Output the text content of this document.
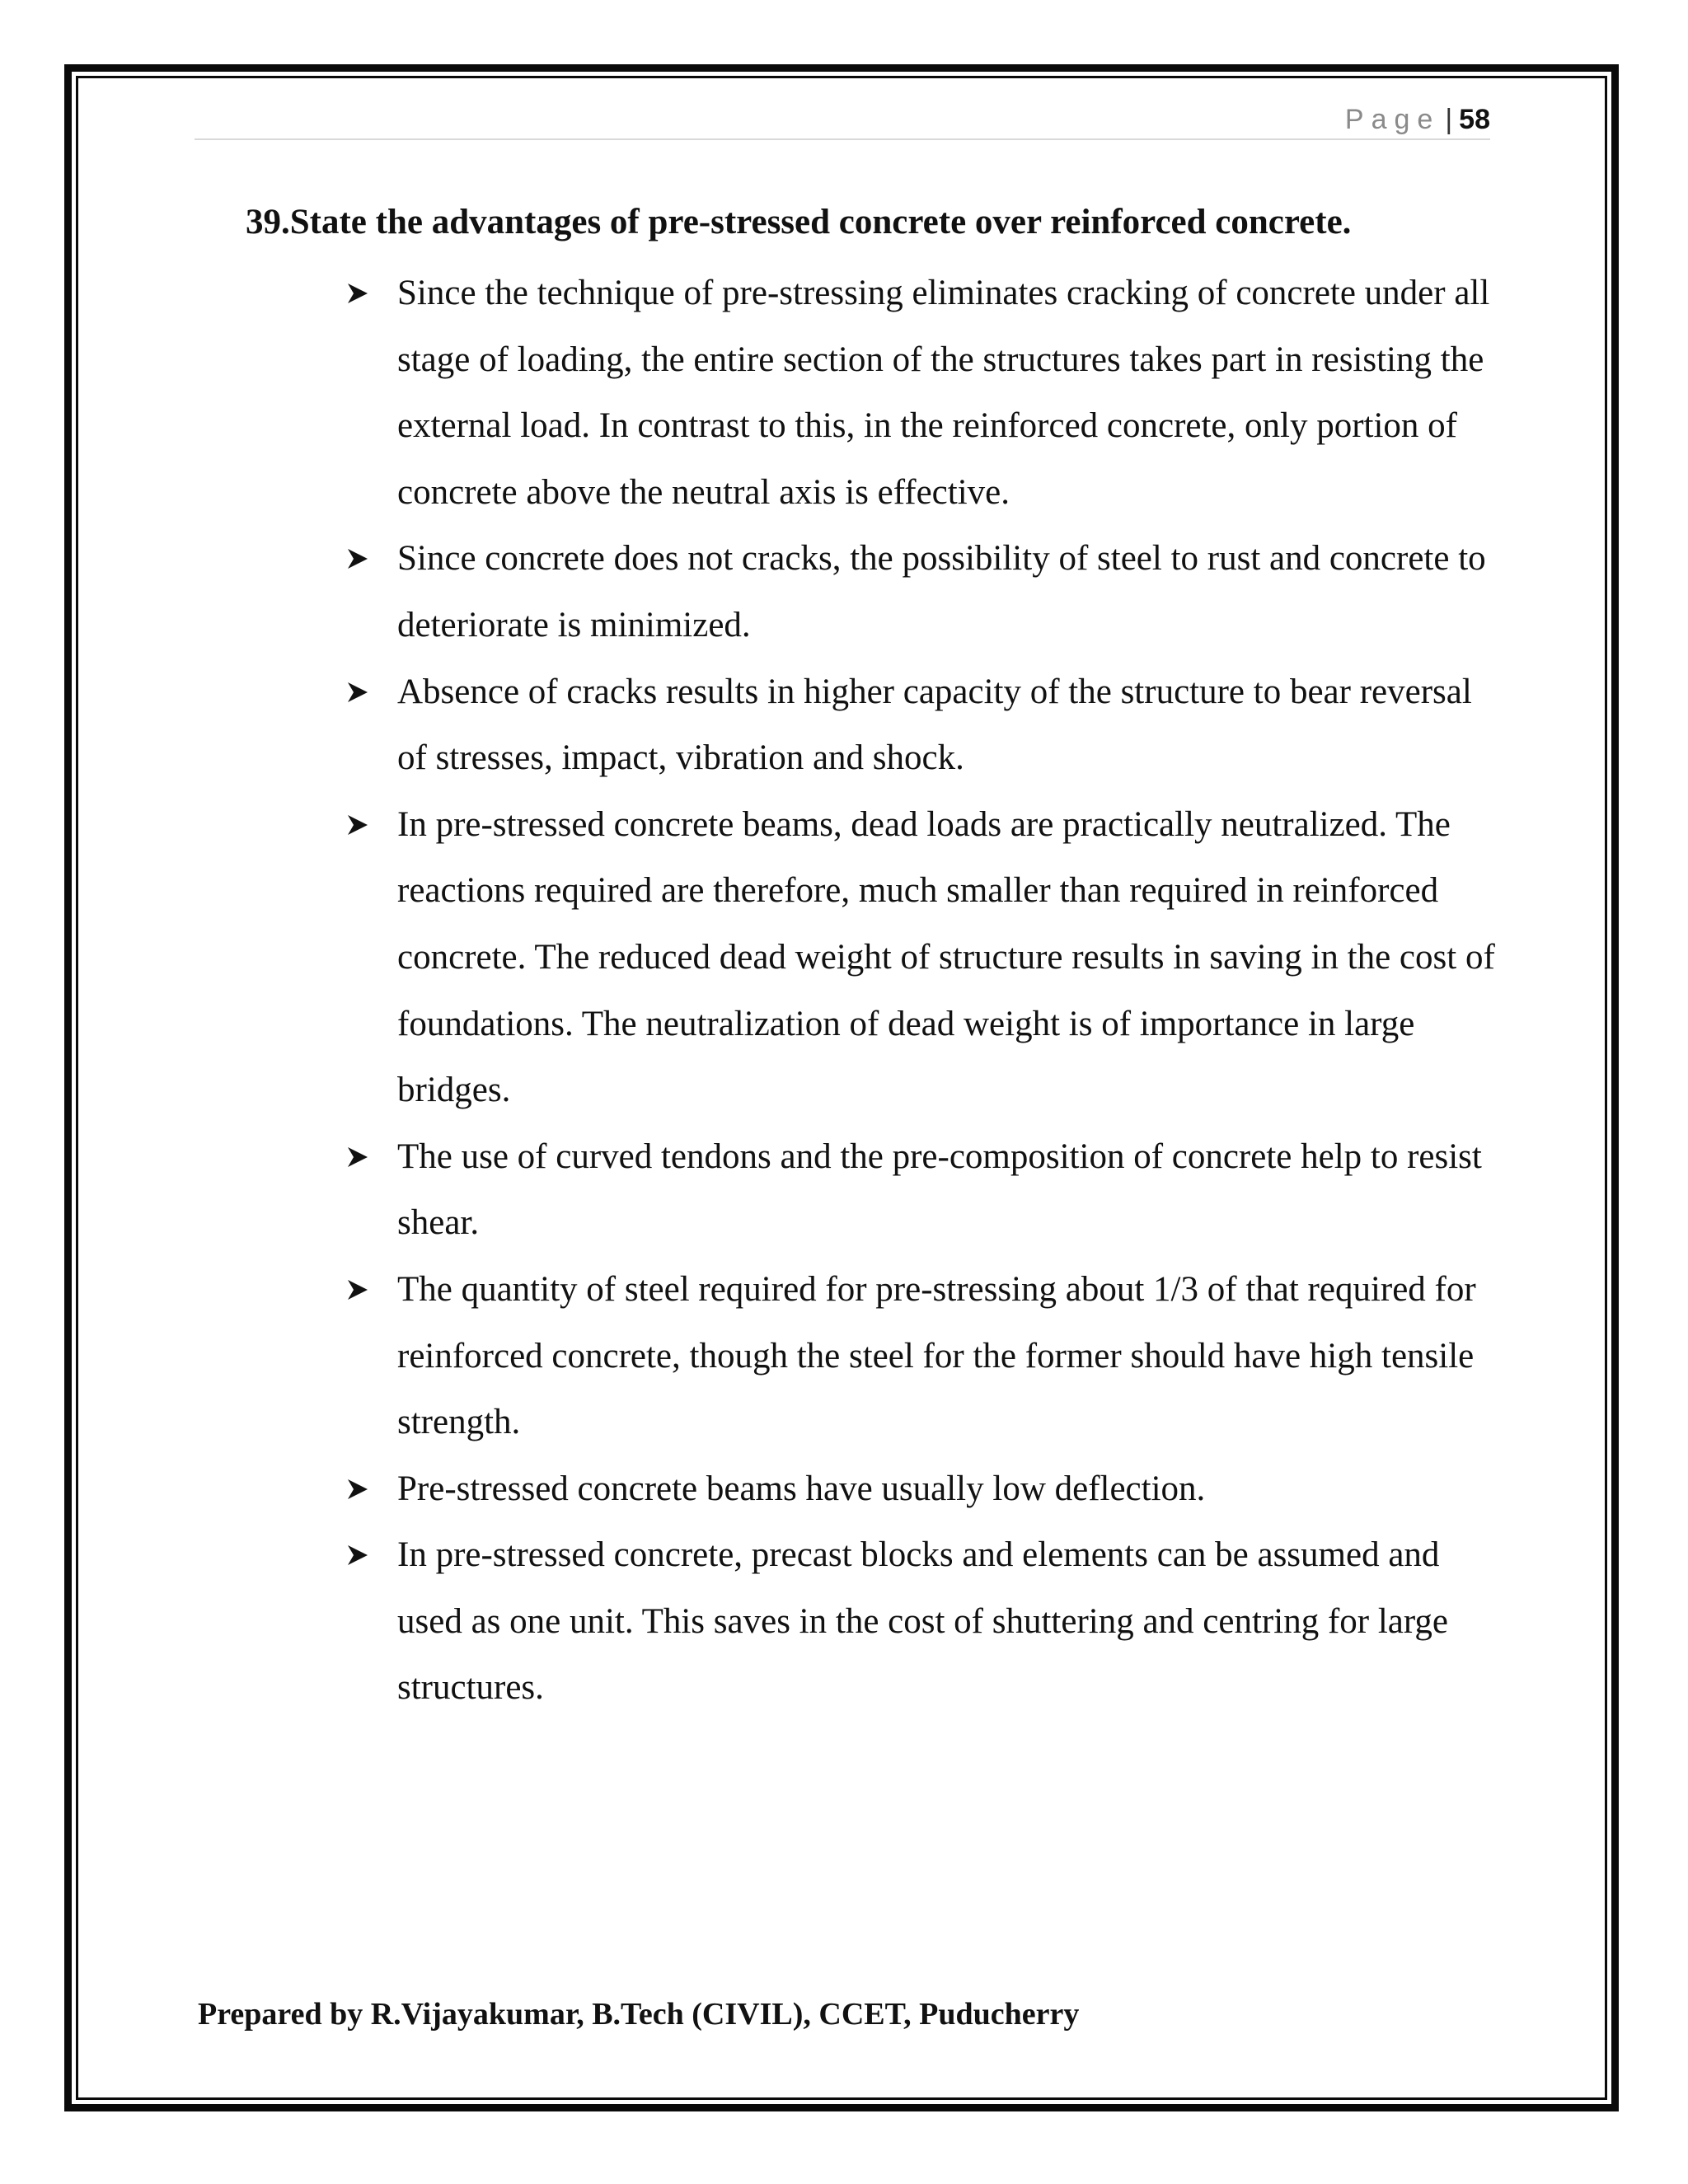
Page | 58
39.State the advantages of pre-stressed concrete over reinforced concrete.
Since the technique of pre-stressing eliminates cracking of concrete under all stage of loading, the entire section of the structures takes part in resisting the external load. In contrast to this, in the reinforced concrete, only portion of concrete above the neutral axis is effective.
Since concrete does not cracks, the possibility of steel to rust and concrete to deteriorate is minimized.
Absence of cracks results in higher capacity of the structure to bear reversal of stresses, impact, vibration and shock.
In pre-stressed concrete beams, dead loads are practically neutralized. The reactions required are therefore, much smaller than required in reinforced concrete. The reduced dead weight of structure results in saving in the cost of foundations. The neutralization of dead weight is of importance in large bridges.
The use of curved tendons and the pre-composition of concrete help to resist shear.
The quantity of steel required for pre-stressing about 1/3 of that required for reinforced concrete, though the steel for the former should have high tensile strength.
Pre-stressed concrete beams have usually low deflection.
In pre-stressed concrete, precast blocks and elements can be assumed and used as one unit. This saves in the cost of shuttering and centring for large structures.
Prepared by R.Vijayakumar, B.Tech (CIVIL), CCET, Puducherry
